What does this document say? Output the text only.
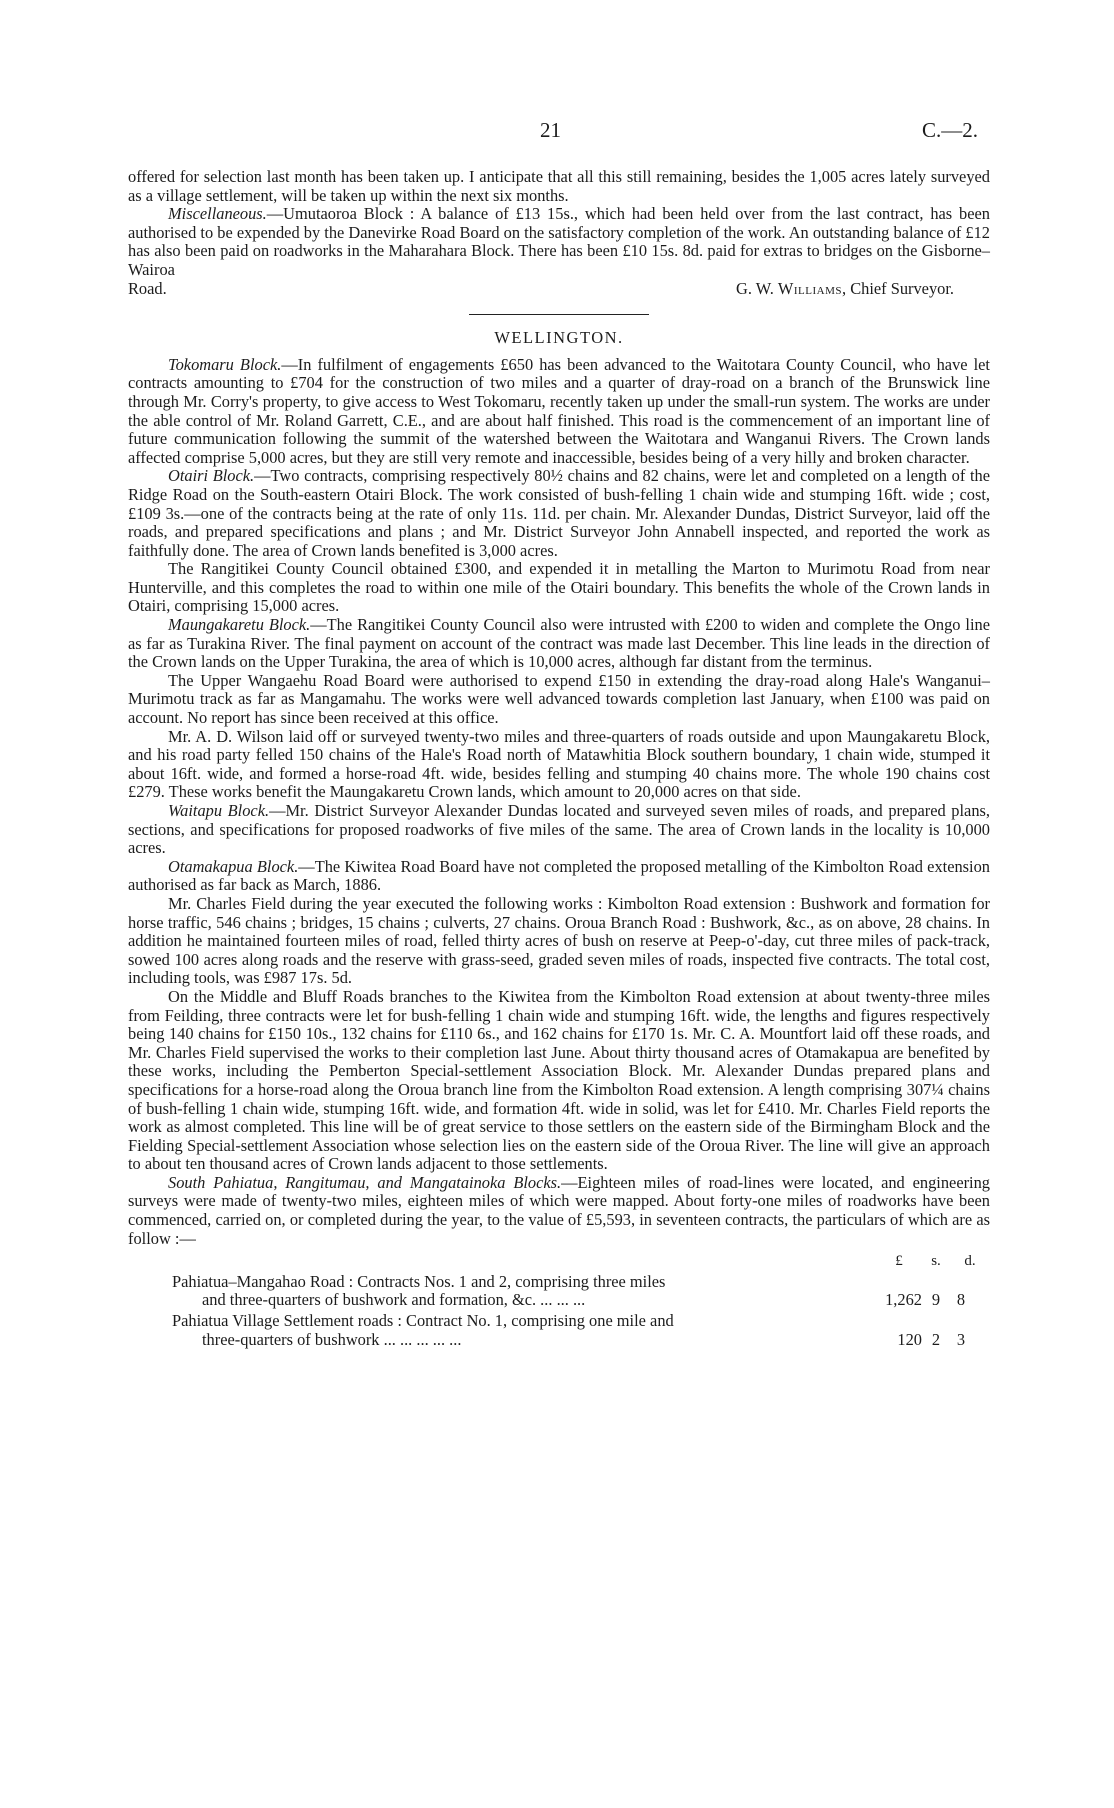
21	C.—2.

offered for selection last month has been taken up. I anticipate that all this still remaining, besides the 1,005 acres lately surveyed as a village settlement, will be taken up within the next six months.

Miscellaneous.—Umutaoroa Block : A balance of £13 15s., which had been held over from the last contract, has been authorised to be expended by the Danevirke Road Board on the satisfactory completion of the work. An outstanding balance of £12 has also been paid on roadworks in the Maharahara Block. There has been £10 15s. 8d. paid for extras to bridges on the Gisborne–Wairoa

Road.	G. W. Williams, Chief Surveyor.
WELLINGTON.

Tokomaru Block.—In fulfilment of engagements £650 has been advanced to the Waitotara County Council, who have let contracts amounting to £704 for the construction of two miles and a quarter of dray-road on a branch of the Brunswick line through Mr. Corry's property, to give access to West Tokomaru, recently taken up under the small-run system. The works are under the able control of Mr. Roland Garrett, C.E., and are about half finished. This road is the commencement of an important line of future communication following the summit of the watershed between the Waitotara and Wanganui Rivers. The Crown lands affected comprise 5,000 acres, but they are still very remote and inaccessible, besides being of a very hilly and broken character.

Otairi Block.—Two contracts, comprising respectively 80½ chains and 82 chains, were let and completed on a length of the Ridge Road on the South-eastern Otairi Block. The work consisted of bush-felling 1 chain wide and stumping 16ft. wide ; cost, £109 3s.—one of the contracts being at the rate of only 11s. 11d. per chain. Mr. Alexander Dundas, District Surveyor, laid off the roads, and prepared specifications and plans ; and Mr. District Surveyor John Annabell inspected, and reported the work as faithfully done. The area of Crown lands benefited is 3,000 acres.

The Rangitikei County Council obtained £300, and expended it in metalling the Marton to Murimotu Road from near Hunterville, and this completes the road to within one mile of the Otairi boundary. This benefits the whole of the Crown lands in Otairi, comprising 15,000 acres.

Maungakaretu Block.—The Rangitikei County Council also were intrusted with £200 to widen and complete the Ongo line as far as Turakina River. The final payment on account of the contract was made last December. This line leads in the direction of the Crown lands on the Upper Turakina, the area of which is 10,000 acres, although far distant from the terminus.

The Upper Wangaehu Road Board were authorised to expend £150 in extending the dray-road along Hale's Wanganui–Murimotu track as far as Mangamahu. The works were well advanced towards completion last January, when £100 was paid on account. No report has since been received at this office.

Mr. A. D. Wilson laid off or surveyed twenty-two miles and three-quarters of roads outside and upon Maungakaretu Block, and his road party felled 150 chains of the Hale's Road north of Matawhitia Block southern boundary, 1 chain wide, stumped it about 16ft. wide, and formed a horse-road 4ft. wide, besides felling and stumping 40 chains more. The whole 190 chains cost £279. These works benefit the Maungakaretu Crown lands, which amount to 20,000 acres on that side.

Waitapu Block.—Mr. District Surveyor Alexander Dundas located and surveyed seven miles of roads, and prepared plans, sections, and specifications for proposed roadworks of five miles of the same. The area of Crown lands in the locality is 10,000 acres.

Otamakapua Block.—The Kiwitea Road Board have not completed the proposed metalling of the Kimbolton Road extension authorised as far back as March, 1886.

Mr. Charles Field during the year executed the following works : Kimbolton Road extension : Bushwork and formation for horse traffic, 546 chains ; bridges, 15 chains ; culverts, 27 chains. Oroua Branch Road : Bushwork, &c., as on above, 28 chains. In addition he maintained fourteen miles of road, felled thirty acres of bush on reserve at Peep-o'-day, cut three miles of pack-track, sowed 100 acres along roads and the reserve with grass-seed, graded seven miles of roads, inspected five contracts. The total cost, including tools, was £987 17s. 5d.

On the Middle and Bluff Roads branches to the Kiwitea from the Kimbolton Road extension at about twenty-three miles from Feilding, three contracts were let for bush-felling 1 chain wide and stumping 16ft. wide, the lengths and figures respectively being 140 chains for £150 10s., 132 chains for £110 6s., and 162 chains for £170 1s. Mr. C. A. Mountfort laid off these roads, and Mr. Charles Field supervised the works to their completion last June. About thirty thousand acres of Otamakapua are benefited by these works, including the Pemberton Special-settlement Association Block. Mr. Alexander Dundas prepared plans and specifications for a horse-road along the Oroua branch line from the Kimbolton Road extension. A length comprising 307¼ chains of bush-felling 1 chain wide, stumping 16ft. wide, and formation 4ft. wide in solid, was let for £410. Mr. Charles Field reports the work as almost completed. This line will be of great service to those settlers on the eastern side of the Birmingham Block and the Fielding Special-settlement Association whose selection lies on the eastern side of the Oroua River. The line will give an approach to about ten thousand acres of Crown lands adjacent to those settlements.

South Pahiatua, Rangitumau, and Mangatainoka Blocks.—Eighteen miles of road-lines were located, and engineering surveys were made of twenty-two miles, eighteen miles of which were mapped. About forty-one miles of roadworks have been commenced, carried on, or completed during the year, to the value of £5,593, in seventeen contracts, the particulars of which are as follow :—

£	s.	d.
Pahiatua–Mangahao Road : Contracts Nos. 1 and 2, comprising three miles
and three-quarters of bushwork and formation, &c. ... ... ...	1,262 9	8
Pahiatua Village Settlement roads : Contract No. 1, comprising one mile and
three-quarters of bushwork ... ... ... ... ...	120 2	3
